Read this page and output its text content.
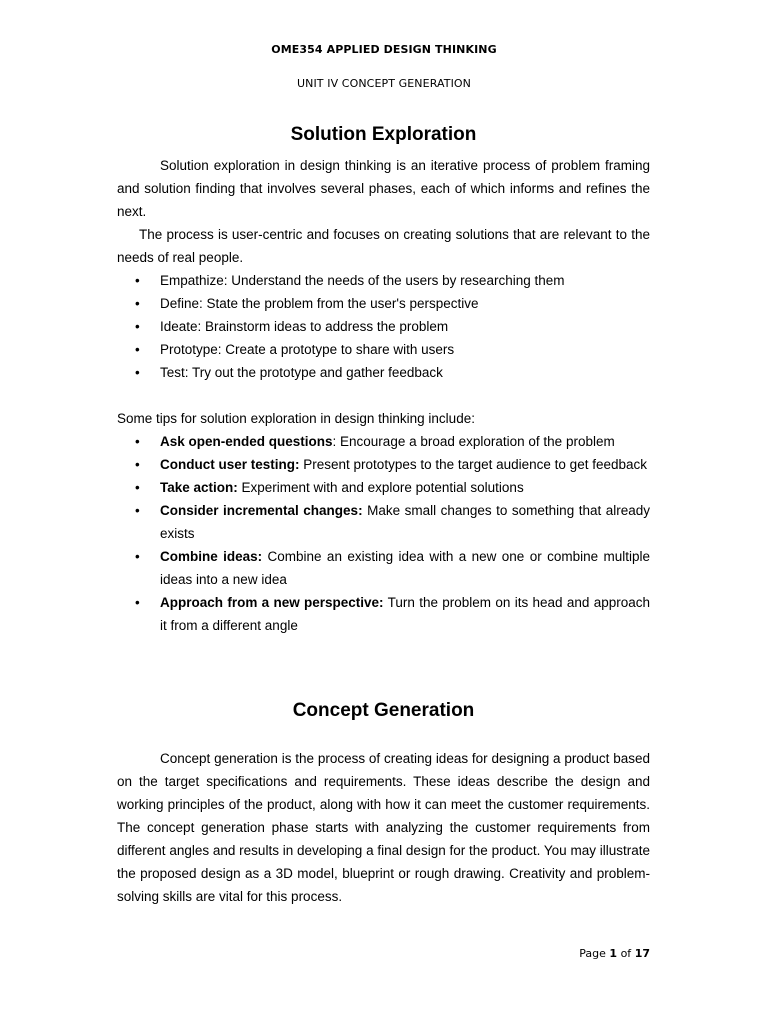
OME354 APPLIED DESIGN THINKING
UNIT IV CONCEPT GENERATION
Solution Exploration

Solution exploration in design thinking is an iterative process of problem framing and solution finding that involves several phases, each of which informs and refines the next.

The process is user-centric and focuses on creating solutions that are relevant to the needs of real people.

• Empathize: Understand the needs of the users by researching them
• Define: State the problem from the user's perspective
• Ideate: Brainstorm ideas to address the problem
• Prototype: Create a prototype to share with users
• Test: Try out the prototype and gather feedback

Some tips for solution exploration in design thinking include:

• Ask open-ended questions: Encourage a broad exploration of the problem
• Conduct user testing: Present prototypes to the target audience to get feedback
• Take action: Experiment with and explore potential solutions
• Consider incremental changes: Make small changes to something that already exists
• Combine ideas: Combine an existing idea with a new one or combine multiple ideas into a new idea
• Approach from a new perspective: Turn the problem on its head and approach it from a different angle
Concept Generation

Concept generation is the process of creating ideas for designing a product based on the target specifications and requirements. These ideas describe the design and working principles of the product, along with how it can meet the customer requirements. The concept generation phase starts with analyzing the customer requirements from different angles and results in developing a final design for the product. You may illustrate the proposed design as a 3D model, blueprint or rough drawing. Creativity and problem-solving skills are vital for this process.

Page 1 of 17
